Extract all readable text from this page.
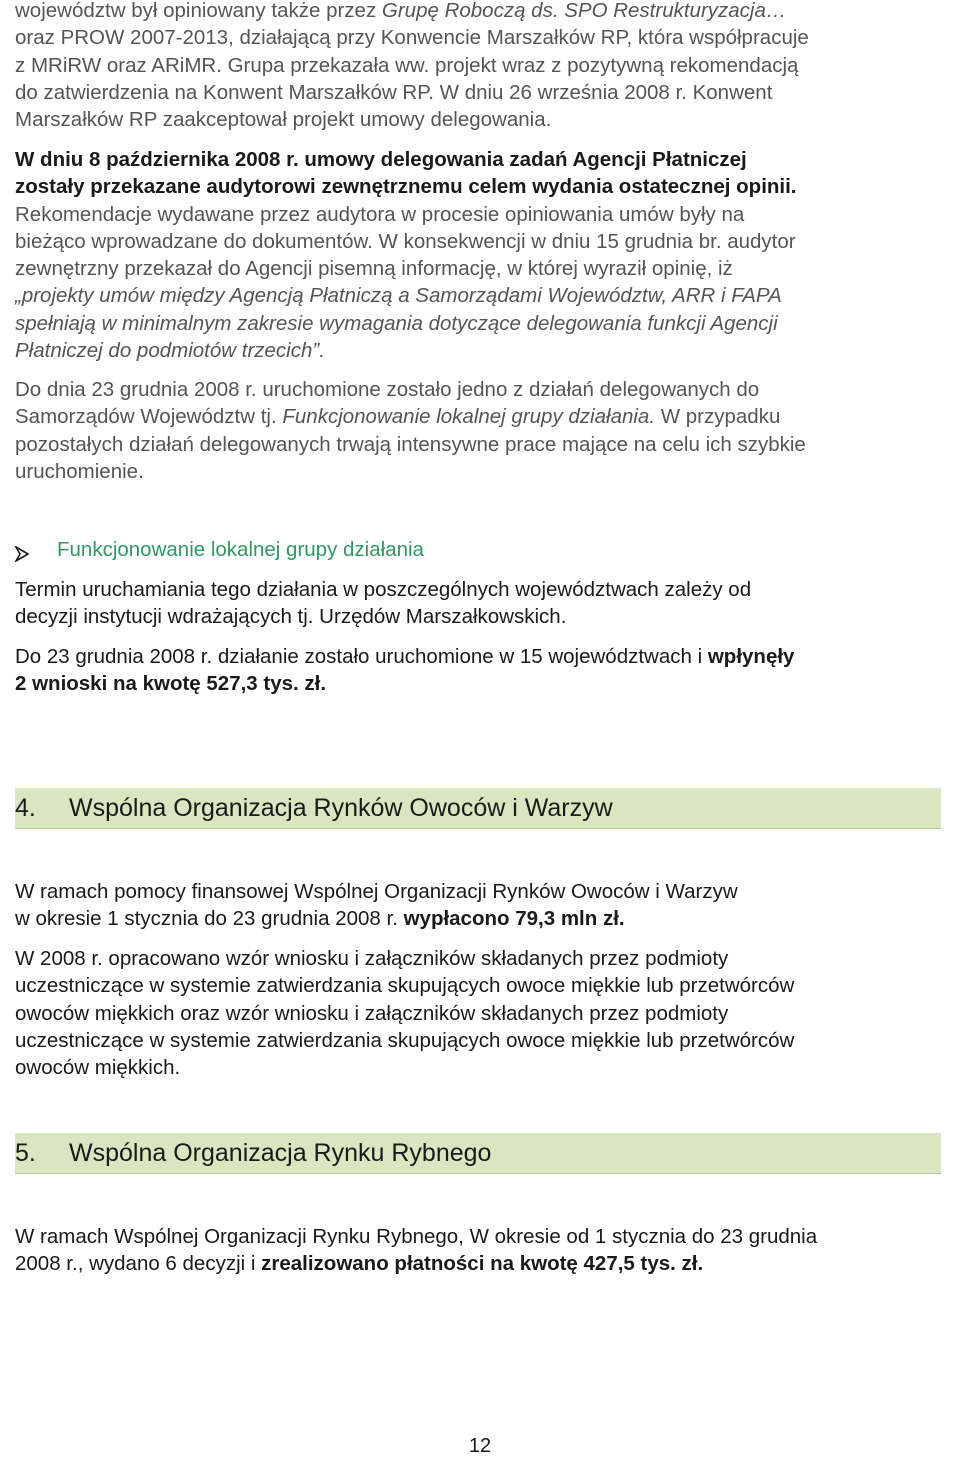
województw był opiniowany także przez Grupę Roboczą ds. SPO Restrukturyzacja…

oraz PROW 2007-2013, działającą przy Konwencie Marszałków RP, która współpracuje

z MRiRW oraz ARiMR. Grupa przekazała ww. projekt wraz z pozytywną rekomendacją

do zatwierdzenia na Konwent Marszałków RP. W dniu 26 września 2008 r. Konwent

Marszałków RP zaakceptował projekt umowy delegowania.

W dniu 8 października 2008 r. umowy delegowania zadań Agencji Płatniczej

zostały przekazane audytorowi zewnętrznemu celem wydania ostatecznej opinii.

Rekomendacje wydawane przez audytora w procesie opiniowania umów były na

bieżąco wprowadzane do dokumentów. W konsekwencji w dniu 15 grudnia br. audytor

zewnętrzny przekazał do Agencji pisemną informację, w której wyraził opinię, iż

„projekty umów między Agencją Płatniczą a Samorządami Województw, ARR i FAPA

spełniają w minimalnym zakresie wymagania dotyczące delegowania funkcji Agencji

Płatniczej do podmiotów trzecich”.

Do dnia 23 grudnia 2008 r. uruchomione zostało jedno z działań delegowanych do

Samorządów Województw tj. Funkcjonowanie lokalnej grupy działania. W przypadku

pozostałych działań delegowanych trwają intensywne prace mające na celu ich szybkie

uruchomienie.

Funkcjonowanie lokalnej grupy działania

Termin uruchamiania tego działania w poszczególnych województwach zależy od

decyzji instytucji wdrażających tj. Urzędów Marszałkowskich.

Do 23 grudnia 2008 r. działanie zostało uruchomione w 15 województwach i wpłynęły

2 wnioski na kwotę 527,3 tys. zł.

4.	Wspólna Organizacja Rynków Owoców i Warzyw

W ramach pomocy finansowej Wspólnej Organizacji Rynków Owoców i Warzyw

w okresie 1 stycznia do 23 grudnia 2008 r. wypłacono 79,3 mln zł.

W 2008 r. opracowano wzór wniosku i załączników składanych przez podmioty

uczestniczące w systemie zatwierdzania skupujących owoce miękkie lub przetwórców

owoców miękkich oraz wzór wniosku i załączników składanych przez podmioty

uczestniczące w systemie zatwierdzania skupujących owoce miękkie lub przetwórców

owoców miękkich.

5.	Wspólna Organizacja Rynku Rybnego

W ramach Wspólnej Organizacji Rynku Rybnego, W okresie od 1 stycznia do 23 grudnia

2008 r., wydano 6 decyzji i zrealizowano płatności na kwotę 427,5 tys. zł.

12
